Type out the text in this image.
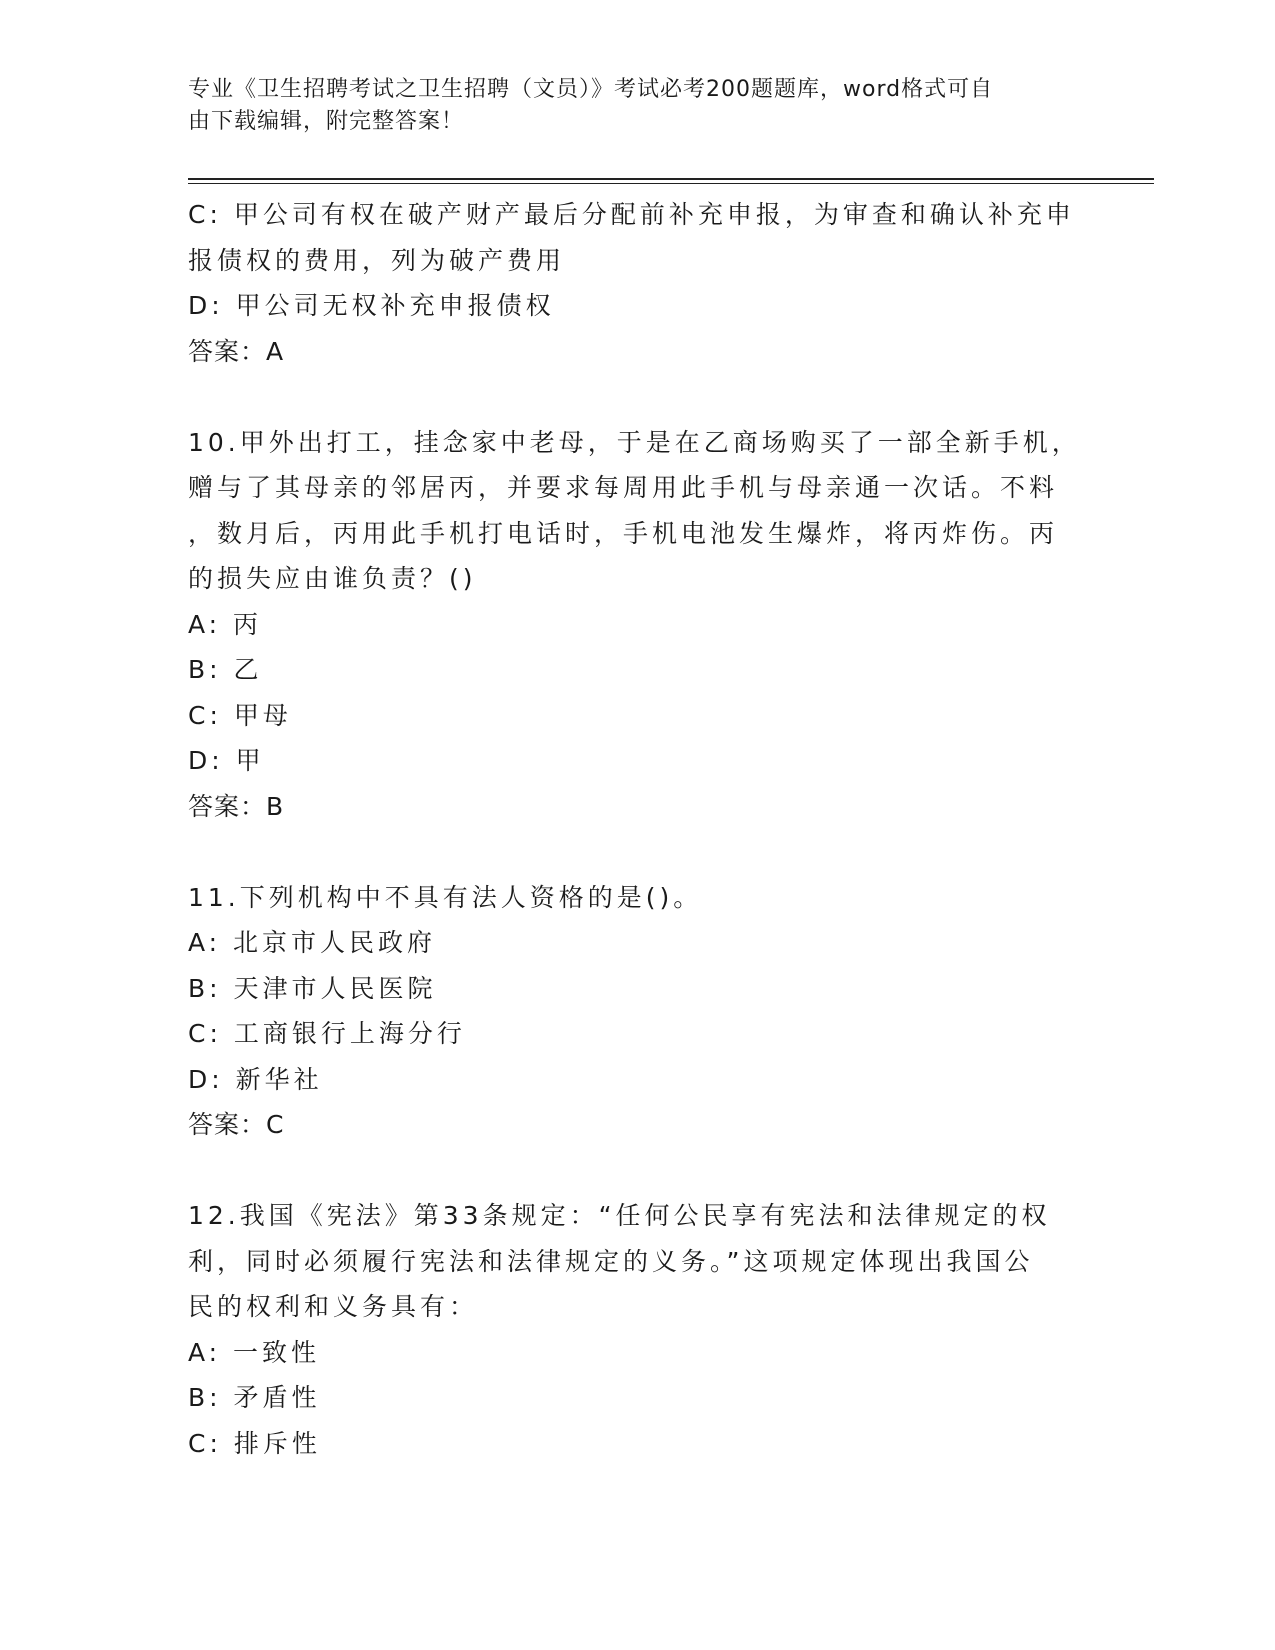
专业《卫生招聘考试之卫生招聘（文员）》考试必考200题题库，word格式可自
由下载编辑，附完整答案！
C: 甲公司有权在破产财产最后分配前补充申报，为审查和确认补充申
报债权的费用，列为破产费用
D: 甲公司无权补充申报债权
答案：A
10.甲外出打工，挂念家中老母，于是在乙商场购买了一部全新手机，
赠与了其母亲的邻居丙，并要求每周用此手机与母亲通一次话。不料
，数月后，丙用此手机打电话时，手机电池发生爆炸，将丙炸伤。丙
的损失应由谁负责？()
A: 丙
B: 乙
C: 甲母
D: 甲
答案：B
11.下列机构中不具有法人资格的是()。
A: 北京市人民政府
B: 天津市人民医院
C: 工商银行上海分行
D: 新华社
答案：C
12.我国《宪法》第33条规定：“任何公民享有宪法和法律规定的权
利，同时必须履行宪法和法律规定的义务。”这项规定体现出我国公
民的权利和义务具有：
A: 一致性
B: 矛盾性
C: 排斥性
